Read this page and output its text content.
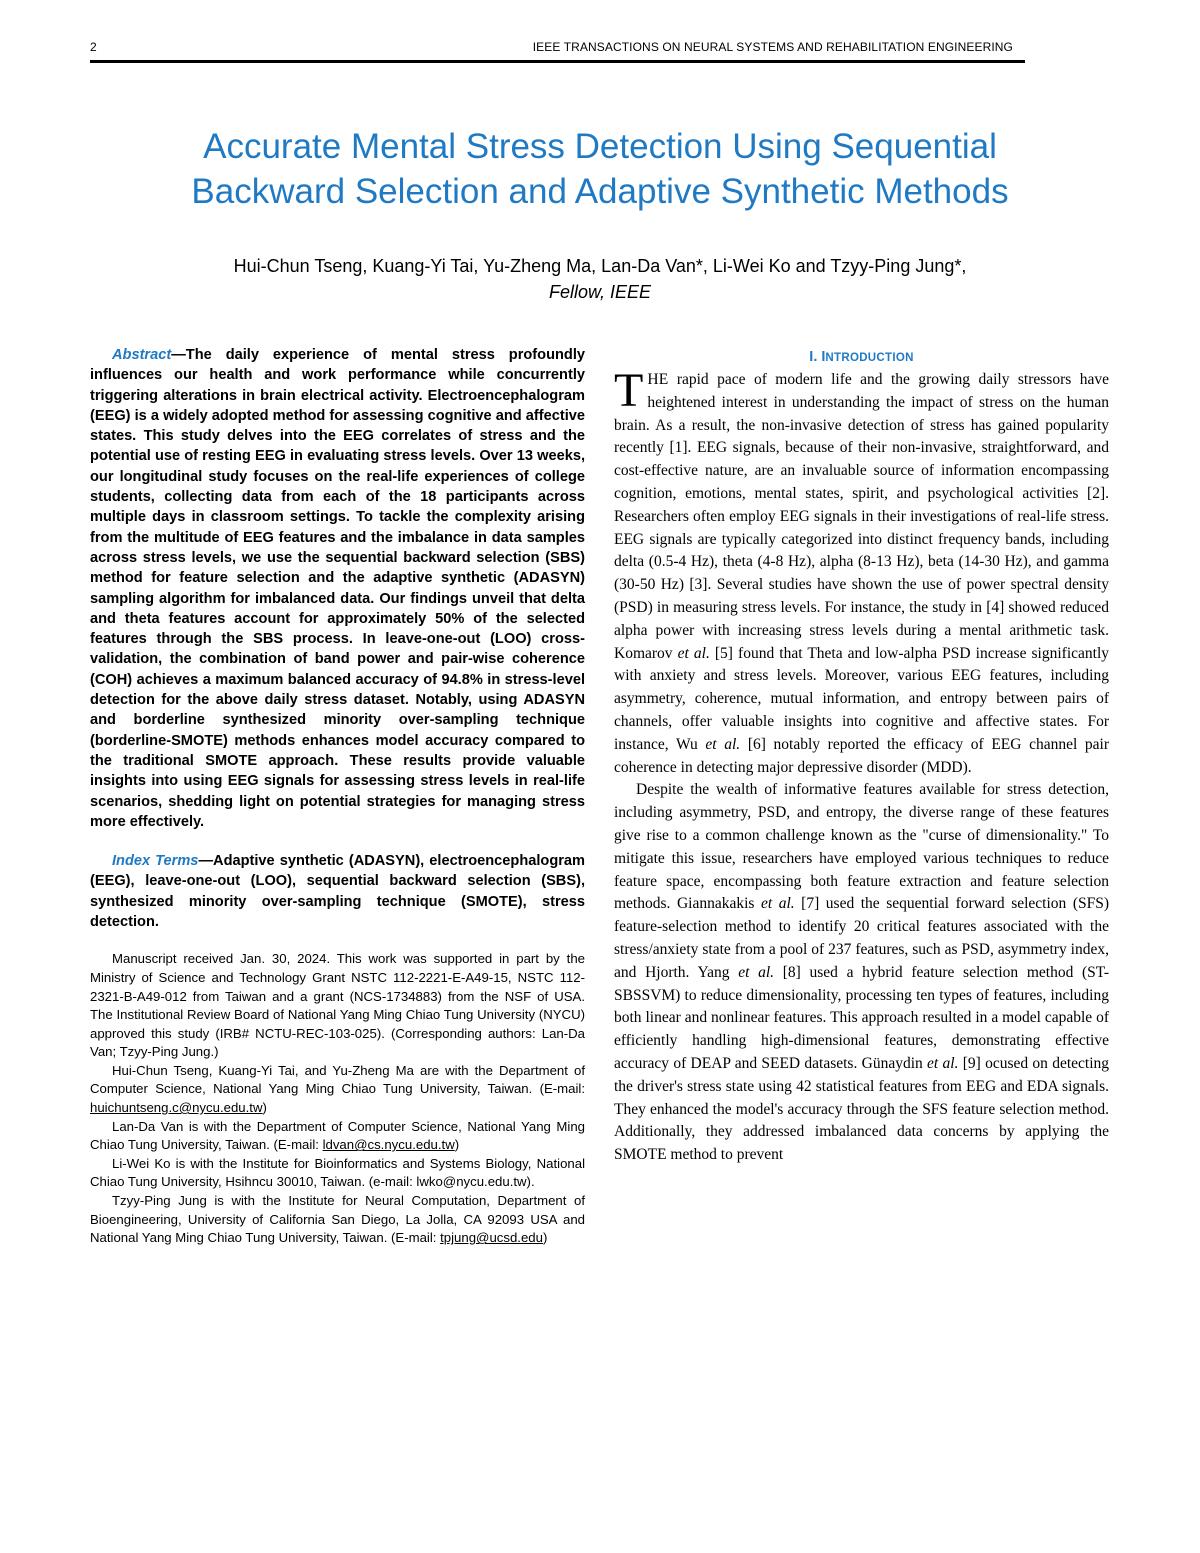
2	IEEE TRANSACTIONS ON NEURAL SYSTEMS AND REHABILITATION ENGINEERING
Accurate Mental Stress Detection Using Sequential
Backward Selection and Adaptive Synthetic Methods
Hui-Chun Tseng, Kuang-Yi Tai, Yu-Zheng Ma, Lan-Da Van*, Li-Wei Ko and Tzyy-Ping Jung*,
Fellow, IEEE

Abstract—The daily experience of mental stress profoundly influences our health and work performance while concurrently triggering alterations in brain electrical activity. Electroencephalogram (EEG) is a widely adopted method for assessing cognitive and affective states. This study delves into the EEG correlates of stress and the potential use of resting EEG in evaluating stress levels. Over 13 weeks, our longitudinal study focuses on the real-life experiences of college students, collecting data from each of the 18 participants across multiple days in classroom settings. To tackle the complexity arising from the multitude of EEG features and the imbalance in data samples across stress levels, we use the sequential backward selection (SBS) method for feature selection and the adaptive synthetic (ADASYN) sampling algorithm for imbalanced data. Our findings unveil that delta and theta features account for approximately 50% of the selected features through the SBS process. In leave-one-out (LOO) cross-validation, the combination of band power and pair-wise coherence (COH) achieves a maximum balanced accuracy of 94.8% in stress-level detection for the above daily stress dataset. Notably, using ADASYN and borderline synthesized minority over-sampling technique (borderline-SMOTE) methods enhances model accuracy compared to the traditional SMOTE approach. These results provide valuable insights into using EEG signals for assessing stress levels in real-life scenarios, shedding light on potential strategies for managing stress more effectively.

Index Terms—Adaptive synthetic (ADASYN), electroencephalogram (EEG), leave-one-out (LOO), sequential backward selection (SBS), synthesized minority over-sampling technique (SMOTE), stress detection.

Manuscript received Jan. 30, 2024. This work was supported in part by the Ministry of Science and Technology Grant NSTC 112-2221-E-A49-15, NSTC 112-2321-B-A49-012 from Taiwan and a grant (NCS-1734883) from the NSF of USA. The Institutional Review Board of National Yang Ming Chiao Tung University (NYCU) approved this study (IRB# NCTU-REC-103-025). (Corresponding authors: Lan-Da Van; Tzyy-Ping Jung.)

Hui-Chun Tseng, Kuang-Yi Tai, and Yu-Zheng Ma are with the Department of Computer Science, National Yang Ming Chiao Tung University, Taiwan. (E-mail: huichuntseng.c@nycu.edu.tw)

Lan-Da Van is with the Department of Computer Science, National Yang Ming Chiao Tung University, Taiwan. (E-mail: ldvan@cs.nycu.edu.tw)

Li-Wei Ko is with the Institute for Bioinformatics and Systems Biology, National Chiao Tung University, Hsihncu 30010, Taiwan. (e-mail: lwko@nycu.edu.tw).

Tzyy-Ping Jung is with the Institute for Neural Computation, Department of Bioengineering, University of California San Diego, La Jolla, CA 92093 USA and National Yang Ming Chiao Tung University, Taiwan. (E-mail: tpjung@ucsd.edu)

I. INTRODUCTION

THE rapid pace of modern life and the growing daily stressors have heightened interest in understanding the impact of stress on the human brain. As a result, the non-invasive detection of stress has gained popularity recently [1]. EEG signals, because of their non-invasive, straightforward, and cost-effective nature, are an invaluable source of information encompassing cognition, emotions, mental states, spirit, and psychological activities [2]. Researchers often employ EEG signals in their investigations of real-life stress. EEG signals are typically categorized into distinct frequency bands, including delta (0.5-4 Hz), theta (4-8 Hz), alpha (8-13 Hz), beta (14-30 Hz), and gamma (30-50 Hz) [3]. Several studies have shown the use of power spectral density (PSD) in measuring stress levels. For instance, the study in [4] showed reduced alpha power with increasing stress levels during a mental arithmetic task. Komarov et al. [5] found that Theta and low-alpha PSD increase significantly with anxiety and stress levels. Moreover, various EEG features, including asymmetry, coherence, mutual information, and entropy between pairs of channels, offer valuable insights into cognitive and affective states. For instance, Wu et al. [6] notably reported the efficacy of EEG channel pair coherence in detecting major depressive disorder (MDD).

Despite the wealth of informative features available for stress detection, including asymmetry, PSD, and entropy, the diverse range of these features give rise to a common challenge known as the "curse of dimensionality." To mitigate this issue, researchers have employed various techniques to reduce feature space, encompassing both feature extraction and feature selection methods. Giannakakis et al. [7] used the sequential forward selection (SFS) feature-selection method to identify 20 critical features associated with the stress/anxiety state from a pool of 237 features, such as PSD, asymmetry index, and Hjorth. Yang et al. [8] used a hybrid feature selection method (ST-SBSSVM) to reduce dimensionality, processing ten types of features, including both linear and nonlinear features. This approach resulted in a model capable of efficiently handling high-dimensional features, demonstrating effective accuracy of DEAP and SEED datasets. Günaydin et al. [9] ocused on detecting the driver's stress state using 42 statistical features from EEG and EDA signals. They enhanced the model's accuracy through the SFS feature selection method. Additionally, they addressed imbalanced data concerns by applying the SMOTE method to prevent
